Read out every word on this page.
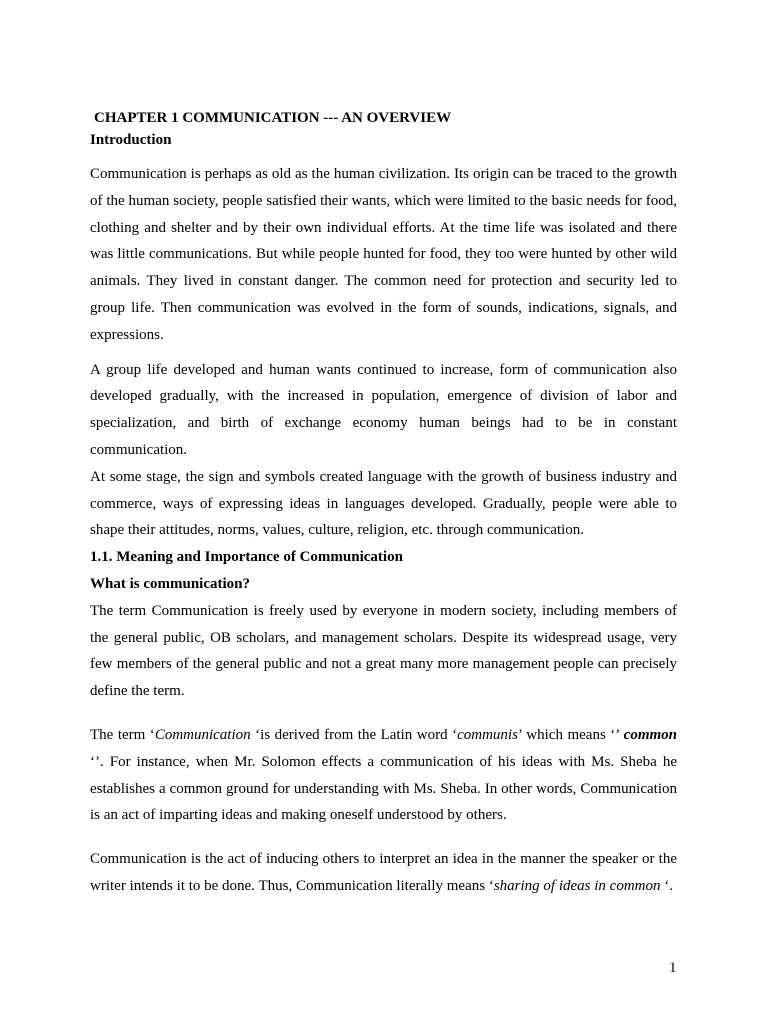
CHAPTER 1 COMMUNICATION --- AN OVERVIEW
Introduction

Communication is perhaps as old as the human civilization. Its origin can be traced to the growth of the human society, people satisfied their wants, which were limited to the basic needs for food, clothing and shelter and by their own individual efforts. At the time life was isolated and there was little communications. But while people hunted for food, they too were hunted by other wild animals. They lived in constant danger. The common need for protection and security led to group life. Then communication was evolved in the form of sounds, indications, signals, and expressions.

A group life developed and human wants continued to increase, form of communication also developed gradually, with the increased in population, emergence of division of labor and specialization, and birth of exchange economy human beings had to be in constant communication.

At some stage, the sign and symbols created language with the growth of business industry and commerce, ways of expressing ideas in languages developed. Gradually, people were able to shape their attitudes, norms, values, culture, religion, etc. through communication.

1.1. Meaning and Importance of Communication

What is communication?

The term Communication is freely used by everyone in modern society, including members of the general public, OB scholars, and management scholars. Despite its widespread usage, very few members of the general public and not a great many more management people can precisely define the term.

The term ‘Communication ‘is derived from the Latin word ‘communis’ which means ‘’ common ‘’. For instance, when Mr. Solomon effects a communication of his ideas with Ms. Sheba he establishes a common ground for understanding with Ms. Sheba. In other words, Communication is an act of imparting ideas and making oneself understood by others.

Communication is the act of inducing others to interpret an idea in the manner the speaker or the writer intends it to be done. Thus, Communication literally means ‘sharing of ideas in common ‘.

1
